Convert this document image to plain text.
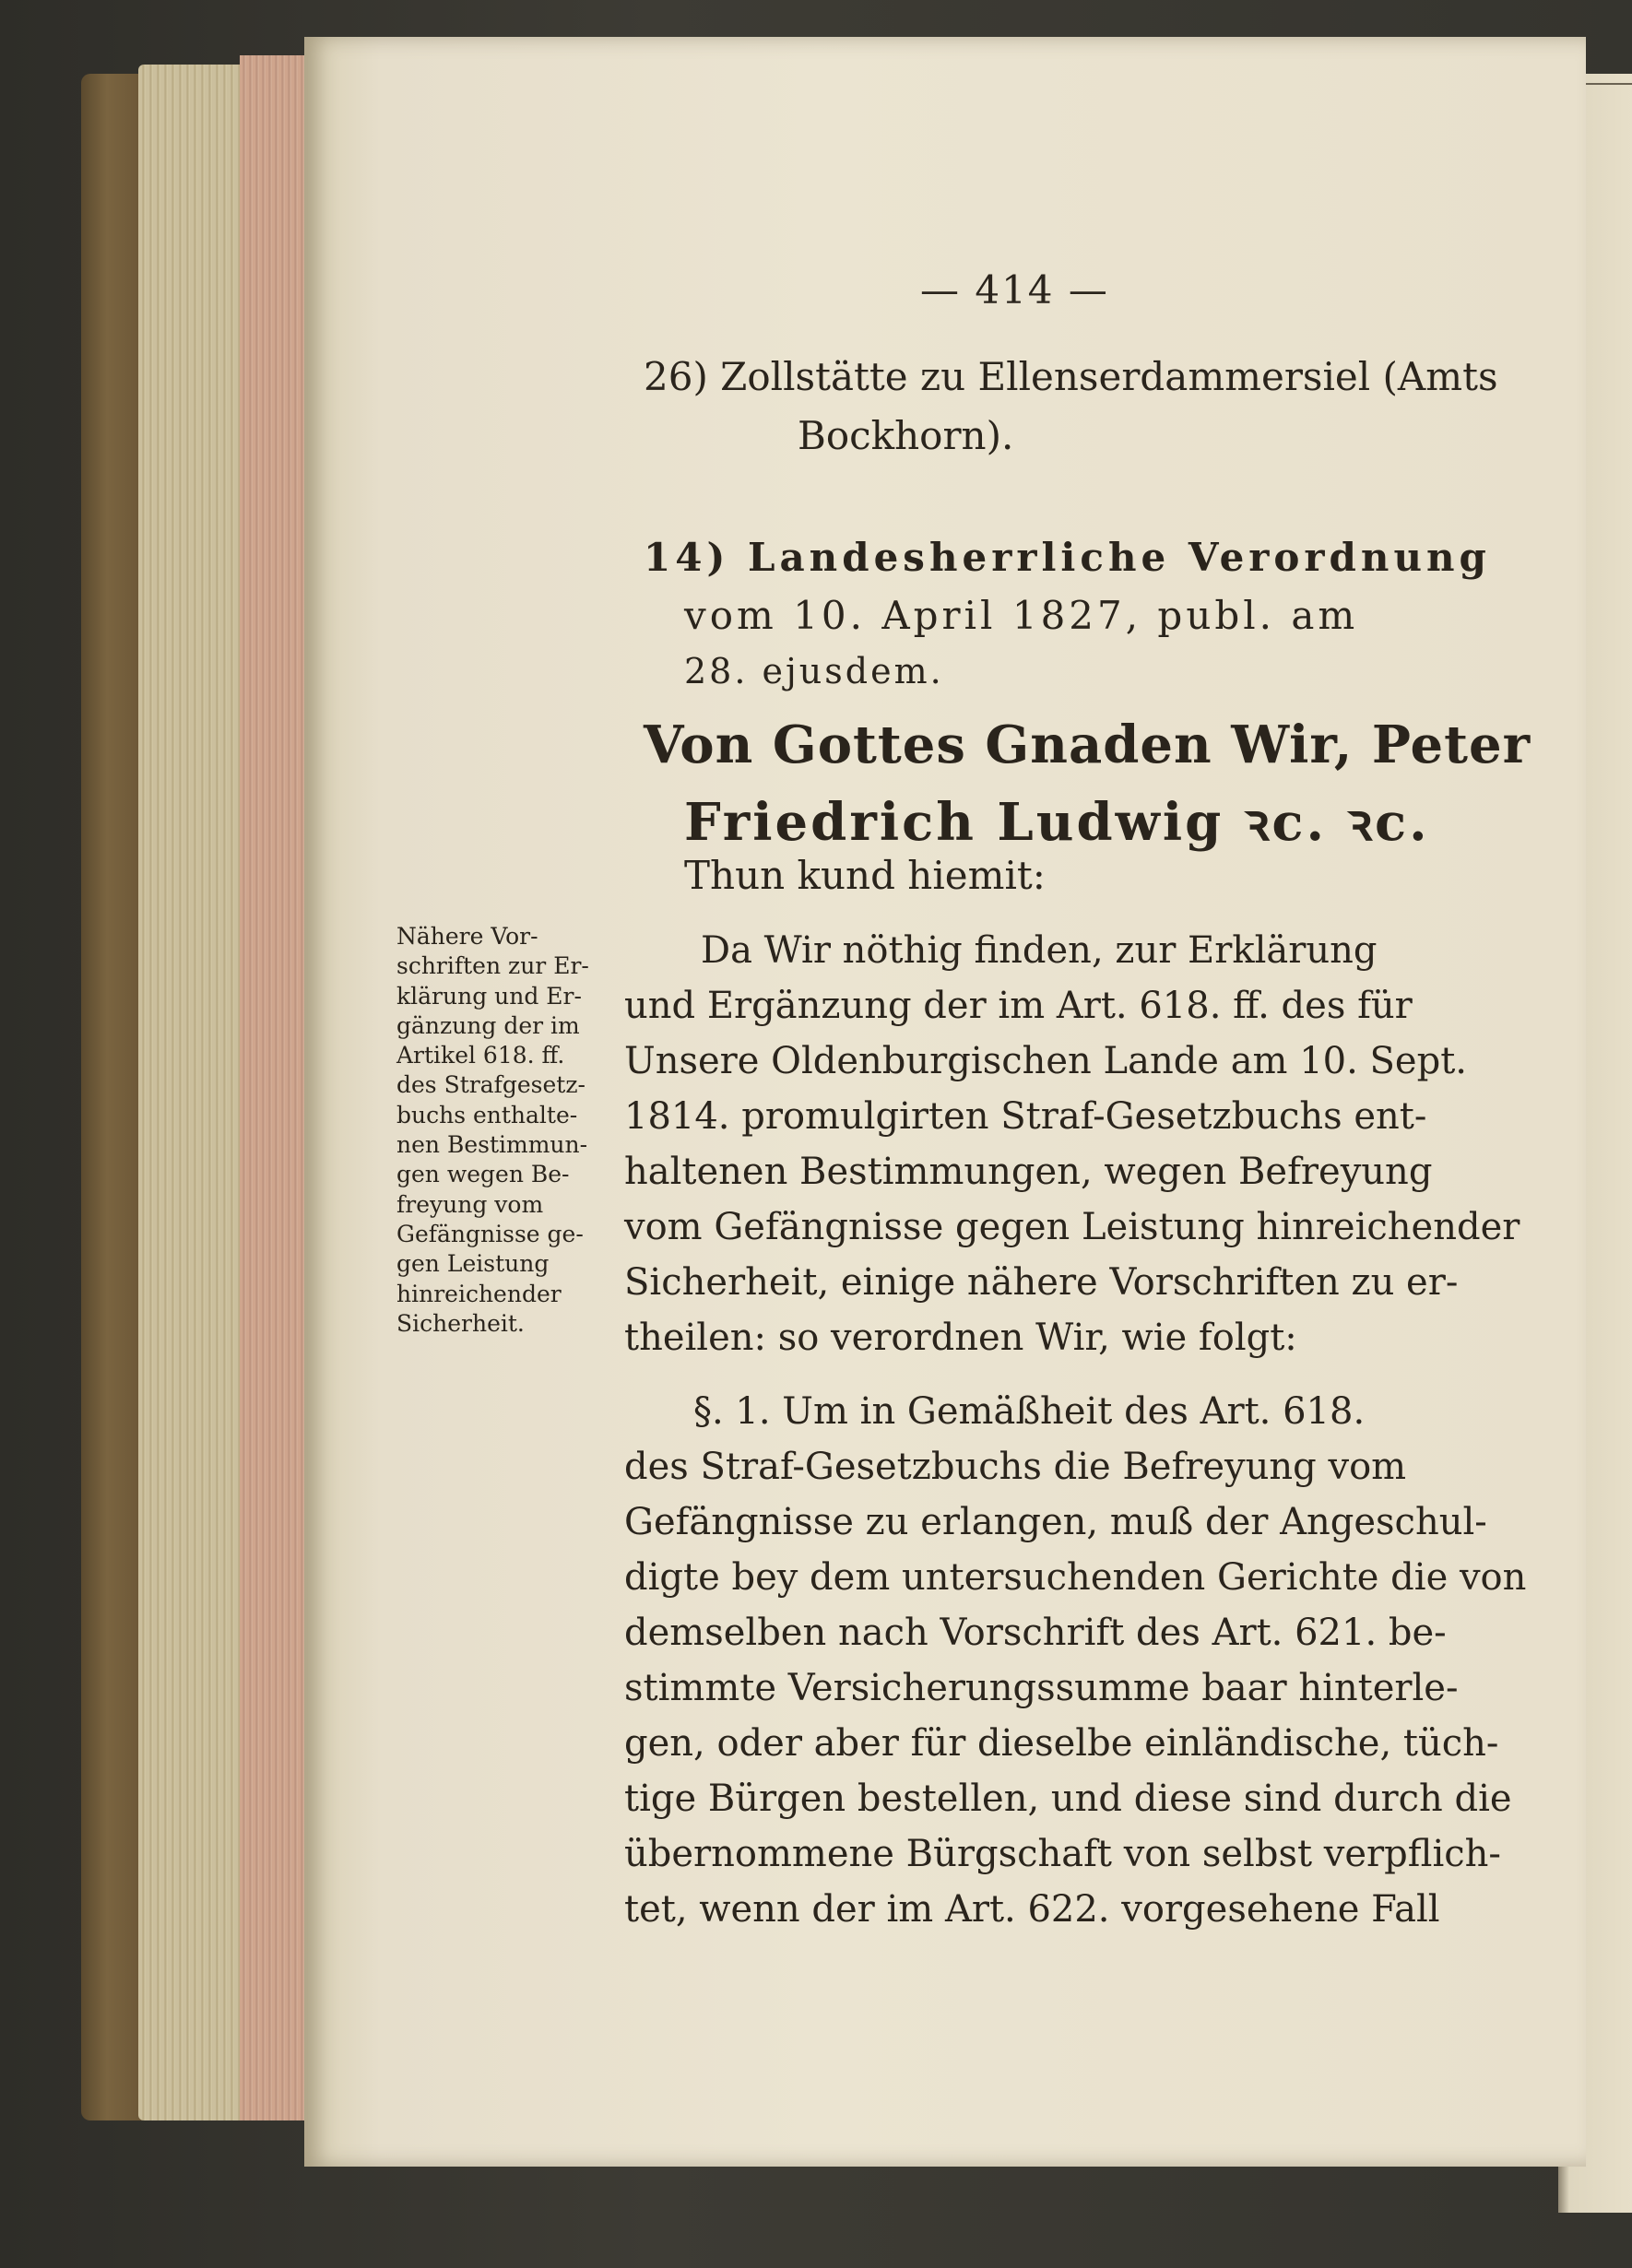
— 414 —
26) Zollstätte zu Ellenserdammersiel (Amts
Bockhorn).
14) Landesherrliche Verordnung
vom 10. April 1827, publ. am
28. ejusdem.
Von Gottes Gnaden Wir, Peter
Friedrich Ludwig ꝛc. ꝛc.
Thun kund hiemit:
Da Wir nöthig finden, zur Erklärung
und Ergänzung der im Art. 618. ff. des für
Unsere Oldenburgischen Lande am 10. Sept.
1814. promulgirten Straf-Gesetzbuchs ent-
haltenen Bestimmungen, wegen Befreyung
vom Gefängnisse gegen Leistung hinreichender
Sicherheit, einige nähere Vorschriften zu er-
theilen: so verordnen Wir, wie folgt:
§. 1. Um in Gemäßheit des Art. 618.
des Straf-Gesetzbuchs die Befreyung vom
Gefängnisse zu erlangen, muß der Angeschul-
digte bey dem untersuchenden Gerichte die von
demselben nach Vorschrift des Art. 621. be-
stimmte Versicherungssumme baar hinterle-
gen, oder aber für dieselbe einländische, tüch-
tige Bürgen bestellen, und diese sind durch die
übernommene Bürgschaft von selbst verpflich-
tet, wenn der im Art. 622. vorgesehene Fall
Nähere Vor-
schriften zur Er-
klärung und Er-
gänzung der im
Artikel 618. ff.
des Strafgesetz-
buchs enthalte-
nen Bestimmun-
gen wegen Be-
freyung vom
Gefängnisse ge-
gen Leistung
hinreichender
Sicherheit.
